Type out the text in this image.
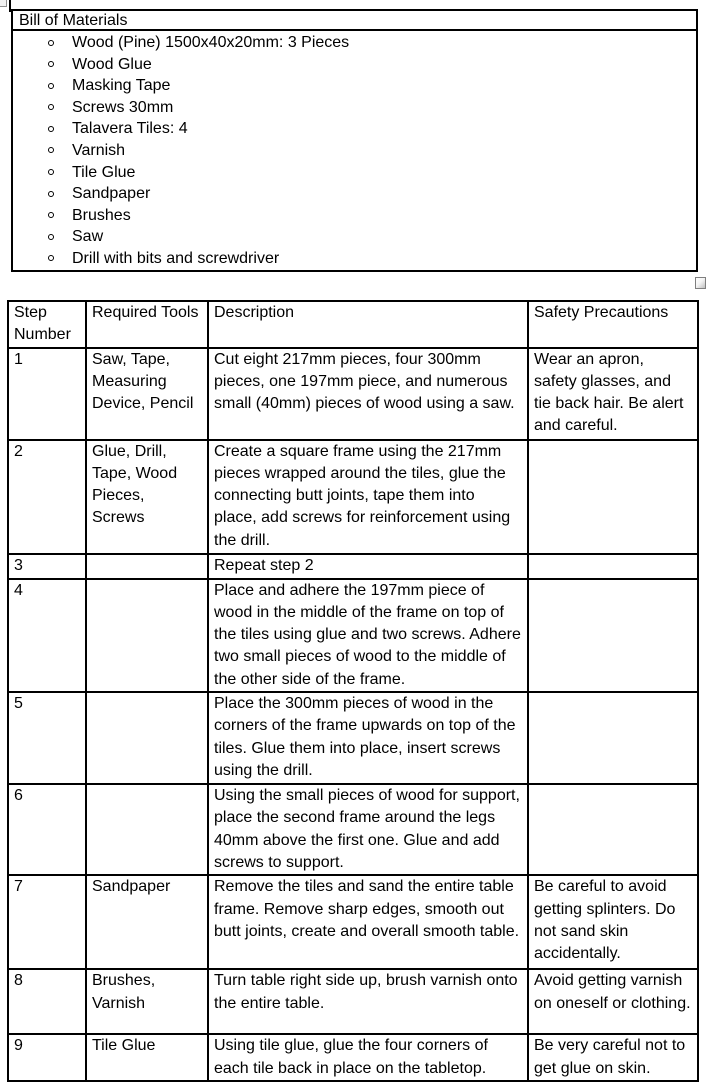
Bill of Materials
Wood (Pine) 1500x40x20mm: 3 Pieces
Wood Glue
Masking Tape
Screws 30mm
Talavera Tiles: 4
Varnish
Tile Glue
Sandpaper
Brushes
Saw
Drill with bits and screwdriver
Step Number	Required Tools	Description	Safety Precautions
1	Saw, Tape, Measuring Device, Pencil	Cut eight 217mm pieces, four 300mm pieces, one 197mm piece, and numerous small (40mm) pieces of wood using a saw.	Wear an apron, safety glasses, and tie back hair. Be alert and careful.
2	Glue, Drill, Tape, Wood Pieces, Screws	Create a square frame using the 217mm pieces wrapped around the tiles, glue the connecting butt joints, tape them into place, add screws for reinforcement using the drill.	
3		Repeat step 2	
4		Place and adhere the 197mm piece of wood in the middle of the frame on top of the tiles using glue and two screws. Adhere two small pieces of wood to the middle of the other side of the frame.	
5		Place the 300mm pieces of wood in the corners of the frame upwards on top of the tiles. Glue them into place, insert screws using the drill.	
6		Using the small pieces of wood for support, place the second frame around the legs 40mm above the first one. Glue and add screws to support.	
7	Sandpaper	Remove the tiles and sand the entire table frame. Remove sharp edges, smooth out butt joints, create and overall smooth table.	Be careful to avoid getting splinters. Do not sand skin accidentally.
8	Brushes, Varnish	Turn table right side up, brush varnish onto the entire table.	Avoid getting varnish on oneself or clothing.
9	Tile Glue	Using tile glue, glue the four corners of each tile back in place on the tabletop.	Be very careful not to get glue on skin.
